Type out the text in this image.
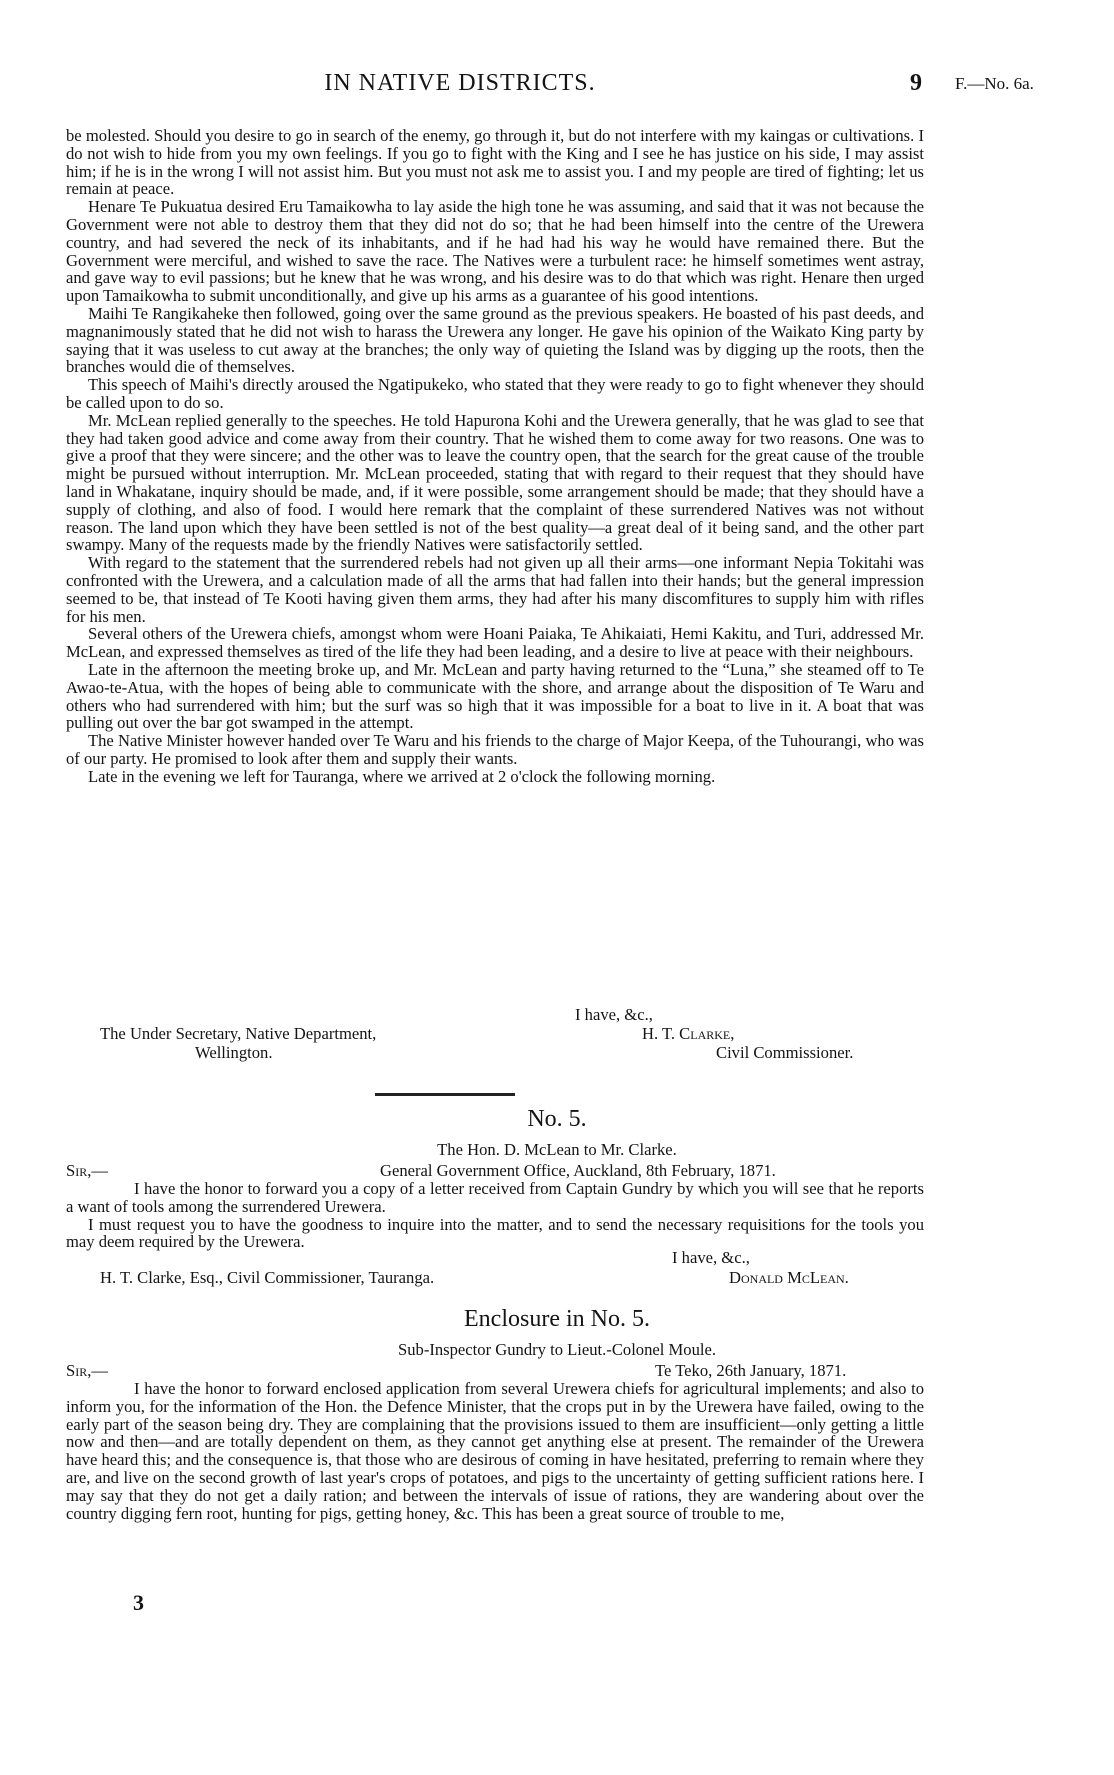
IN NATIVE DISTRICTS.	9 F.—No. 6a.

be molested. Should you desire to go in search of the enemy, go through it, but do not interfere with my kaingas or cultivations. I do not wish to hide from you my own feelings. If you go to fight with the King and I see he has justice on his side, I may assist him; if he is in the wrong I will not assist him. But you must not ask me to assist you. I and my people are tired of fighting; let us remain at peace.

Henare Te Pukuatua desired Eru Tamaikowha to lay aside the high tone he was assuming, and said that it was not because the Government were not able to destroy them that they did not do so; that he had been himself into the centre of the Urewera country, and had severed the neck of its inhabitants, and if he had had his way he would have remained there. But the Government were merciful, and wished to save the race. The Natives were a turbulent race: he himself sometimes went astray, and gave way to evil passions; but he knew that he was wrong, and his desire was to do that which was right. Henare then urged upon Tamaikowha to submit unconditionally, and give up his arms as a guarantee of his good intentions.

Maihi Te Rangikaheke then followed, going over the same ground as the previous speakers. He boasted of his past deeds, and magnanimously stated that he did not wish to harass the Urewera any longer. He gave his opinion of the Waikato King party by saying that it was useless to cut away at the branches; the only way of quieting the Island was by digging up the roots, then the branches would die of themselves.

This speech of Maihi's directly aroused the Ngatipukeko, who stated that they were ready to go to fight whenever they should be called upon to do so.

Mr. McLean replied generally to the speeches. He told Hapurona Kohi and the Urewera generally, that he was glad to see that they had taken good advice and come away from their country. That he wished them to come away for two reasons. One was to give a proof that they were sincere; and the other was to leave the country open, that the search for the great cause of the trouble might be pursued without interruption. Mr. McLean proceeded, stating that with regard to their request that they should have land in Whakatane, inquiry should be made, and, if it were possible, some arrangement should be made; that they should have a supply of clothing, and also of food. I would here remark that the complaint of these surrendered Natives was not without reason. The land upon which they have been settled is not of the best quality—a great deal of it being sand, and the other part swampy. Many of the requests made by the friendly Natives were satisfactorily settled.

With regard to the statement that the surrendered rebels had not given up all their arms—one informant Nepia Tokitahi was confronted with the Urewera, and a calculation made of all the arms that had fallen into their hands; but the general impression seemed to be, that instead of Te Kooti having given them arms, they had after his many discomfitures to supply him with rifles for his men.

Several others of the Urewera chiefs, amongst whom were Hoani Paiaka, Te Ahikaiati, Hemi Kakitu, and Turi, addressed Mr. McLean, and expressed themselves as tired of the life they had been leading, and a desire to live at peace with their neighbours.

Late in the afternoon the meeting broke up, and Mr. McLean and party having returned to the “Luna,” she steamed off to Te Awao-te-Atua, with the hopes of being able to communicate with the shore, and arrange about the disposition of Te Waru and others who had surrendered with him; but the surf was so high that it was impossible for a boat to live in it. A boat that was pulling out over the bar got swamped in the attempt.

The Native Minister however handed over Te Waru and his friends to the charge of Major Keepa, of the Tuhourangi, who was of our party. He promised to look after them and supply their wants.

Late in the evening we left for Tauranga, where we arrived at 2 o'clock the following morning.

I have, &c.,
The Under Secretary, Native Department,
Wellington.
H. T. Clarke,
Civil Commissioner.
No. 5.
The Hon. D. McLean to Mr. Clarke.
Sir,—	General Government Office, Auckland, 8th February, 1871.

I have the honor to forward you a copy of a letter received from Captain Gundry by which you will see that he reports a want of tools among the surrendered Urewera.

I must request you to have the goodness to inquire into the matter, and to send the necessary requisitions for the tools you may deem required by the Urewera.

I have, &c.,
H. T. Clarke, Esq., Civil Commissioner, Tauranga.	Donald McLean.
Enclosure in No. 5.
Sub-Inspector Gundry to Lieut.-Colonel Moule.
Sir,—	Te Teko, 26th January, 1871.

I have the honor to forward enclosed application from several Urewera chiefs for agricultural implements; and also to inform you, for the information of the Hon. the Defence Minister, that the crops put in by the Urewera have failed, owing to the early part of the season being dry. They are complaining that the provisions issued to them are insufficient—only getting a little now and then—and are totally dependent on them, as they cannot get anything else at present. The remainder of the Urewera have heard this; and the consequence is, that those who are desirous of coming in have hesitated, preferring to remain where they are, and live on the second growth of last year's crops of potatoes, and pigs to the uncertainty of getting sufficient rations here. I may say that they do not get a daily ration; and between the intervals of issue of rations, they are wandering about over the country digging fern root, hunting for pigs, getting honey, &c. This has been a great source of trouble to me,

3
